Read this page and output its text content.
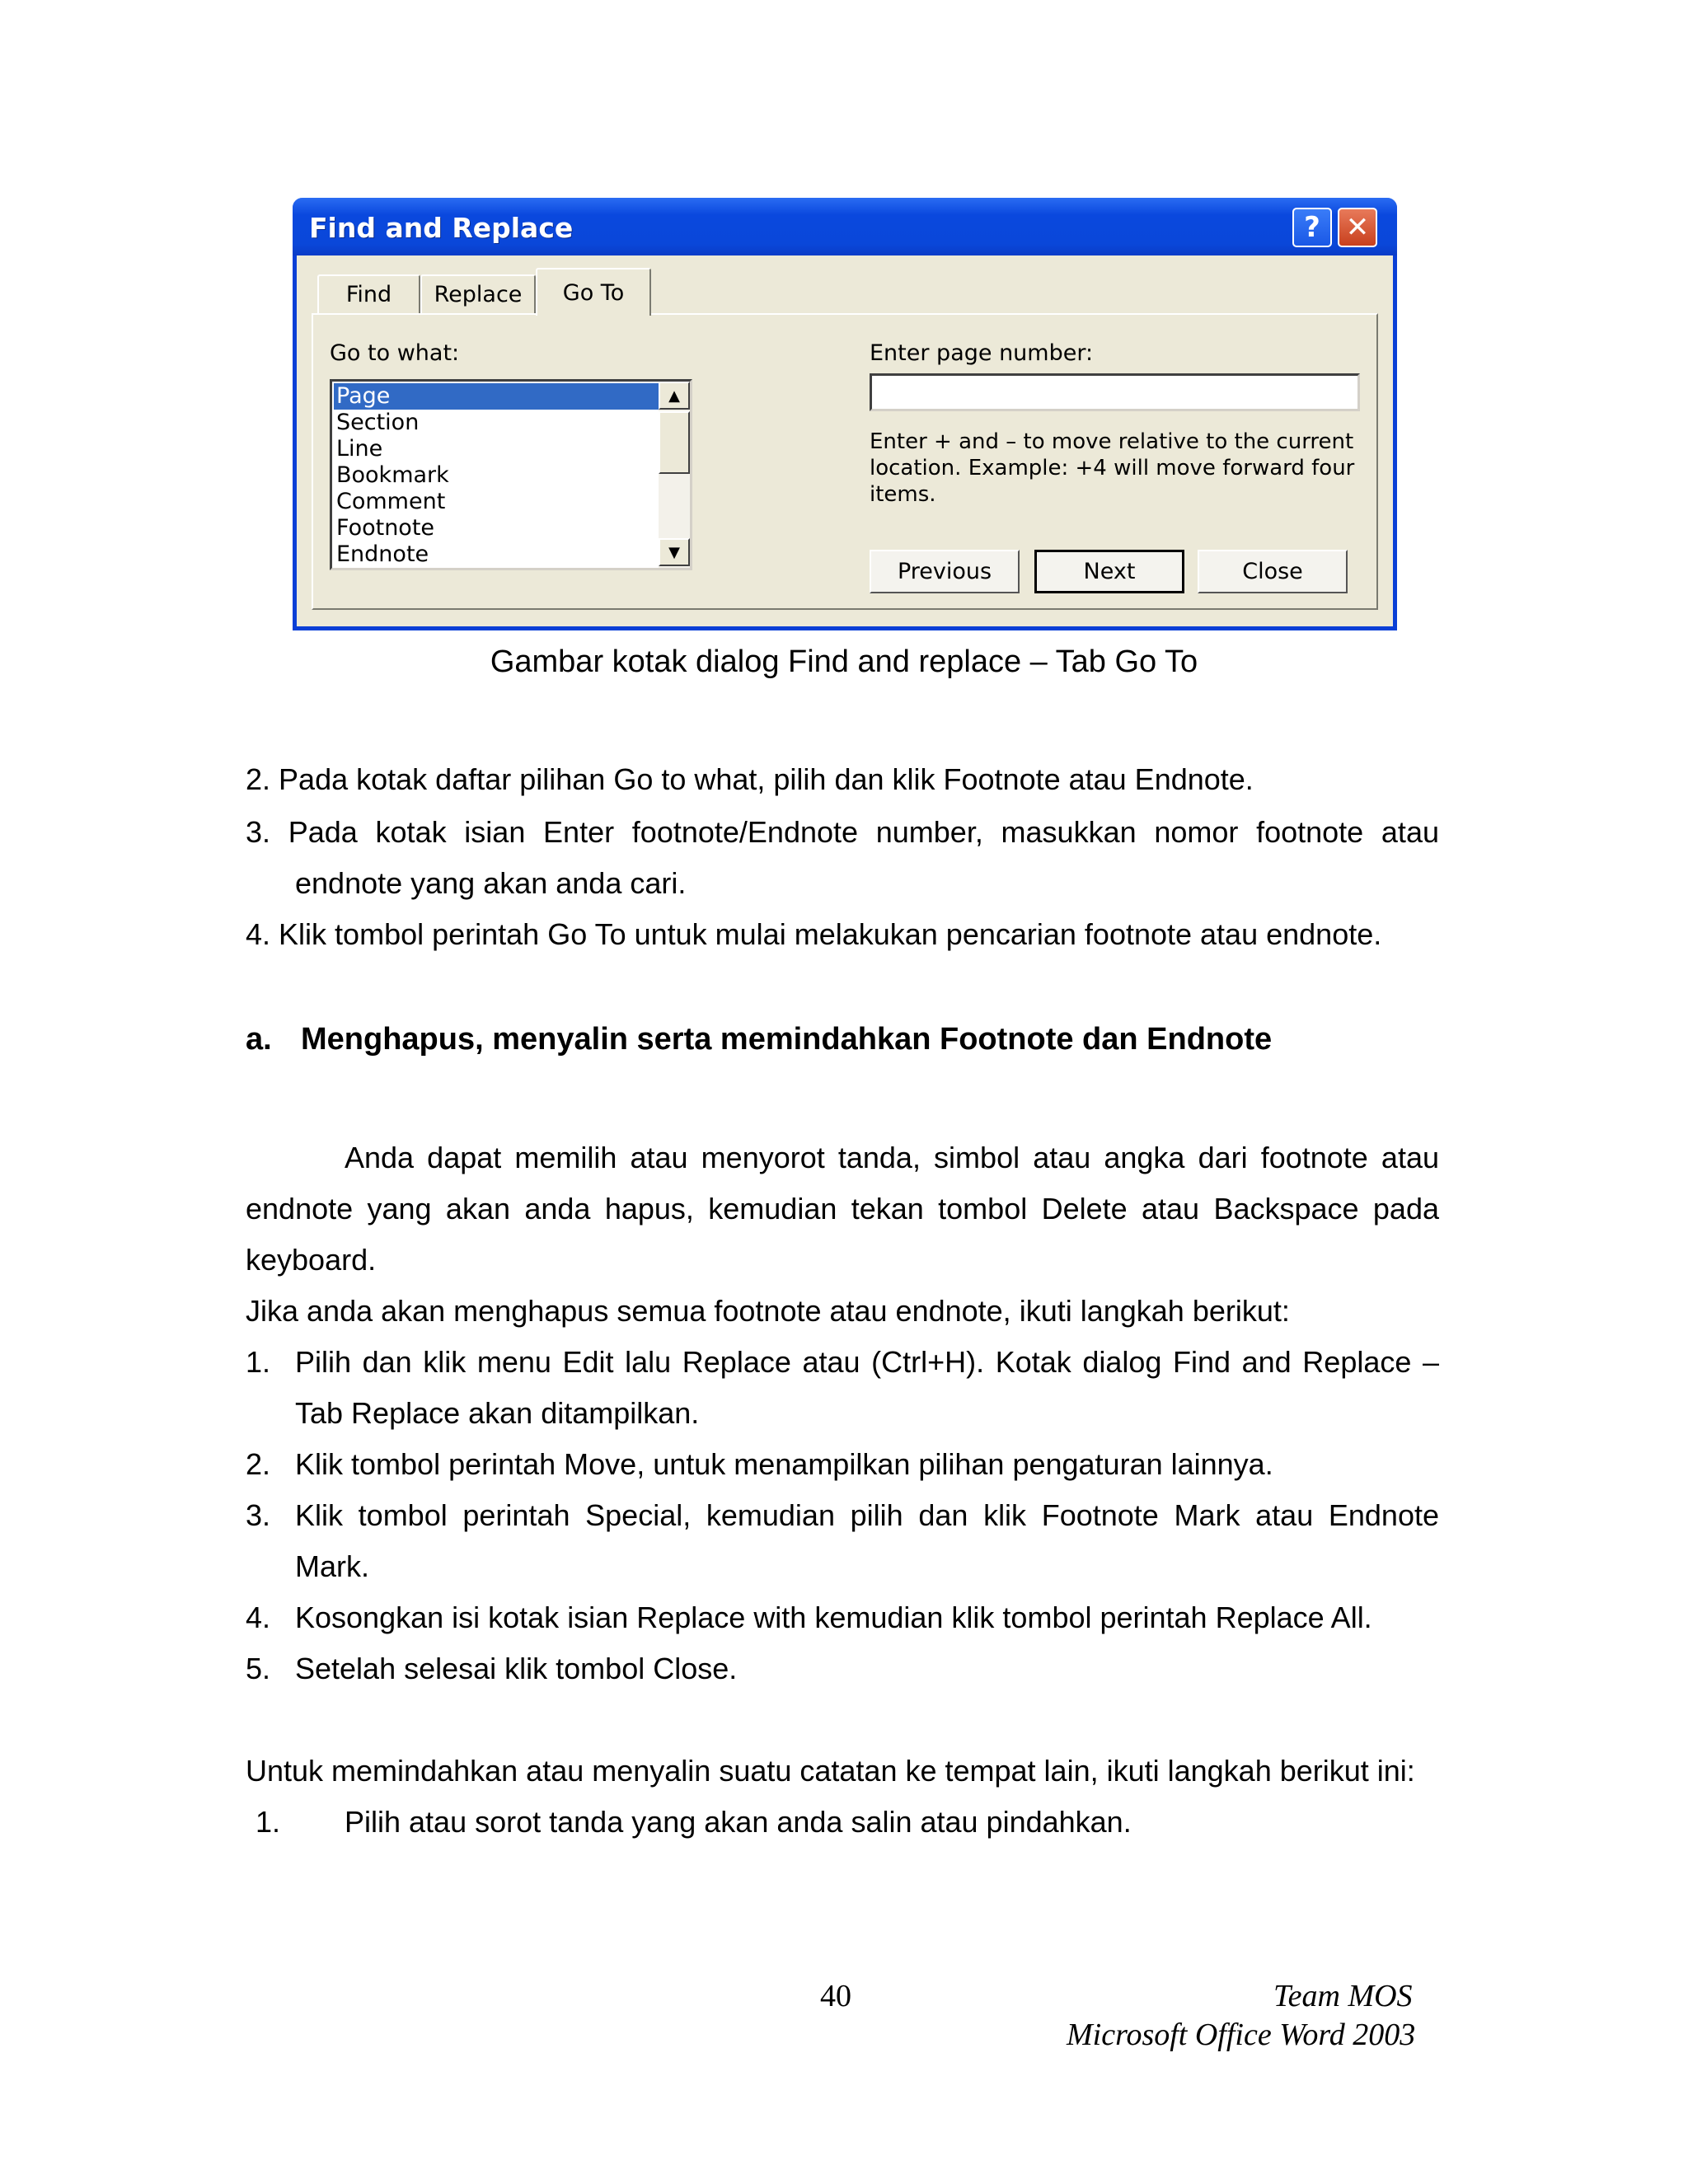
Find and Replace	? ✕
Find	Replace	Go To
Go to what:
Page
Section
Line
Bookmark
Comment
Footnote
Endnote
▲
▼
Enter page number:
Enter + and – to move relative to the current
location. Example: +4 will move forward four
items.
Previous	Next	Close
Gambar kotak dialog Find and replace – Tab Go To
2. Pada kotak daftar pilihan Go to what, pilih dan klik Footnote atau Endnote.
3. Pada kotak isian Enter footnote/Endnote number, masukkan nomor footnote atau
endnote yang akan anda cari.
4. Klik tombol perintah Go To untuk mulai melakukan pencarian footnote atau endnote.
a. Menghapus, menyalin serta memindahkan Footnote dan Endnote
Anda dapat memilih atau menyorot tanda, simbol atau angka dari footnote atau
endnote yang akan anda hapus, kemudian tekan tombol Delete atau Backspace pada
keyboard.
Jika anda akan menghapus semua footnote atau endnote, ikuti langkah berikut:
1. Pilih dan klik menu Edit lalu Replace atau (Ctrl+H). Kotak dialog Find and Replace –
Tab Replace akan ditampilkan.
2. Klik tombol perintah Move, untuk menampilkan pilihan pengaturan lainnya.
3. Klik tombol perintah Special, kemudian pilih dan klik Footnote Mark atau Endnote
Mark.
4. Kosongkan isi kotak isian Replace with kemudian klik tombol perintah Replace All.
5. Setelah selesai klik tombol Close.
Untuk memindahkan atau menyalin suatu catatan ke tempat lain, ikuti langkah berikut ini:
1. Pilih atau sorot tanda yang akan anda salin atau pindahkan.
40	Team MOS
Microsoft Office Word 2003
